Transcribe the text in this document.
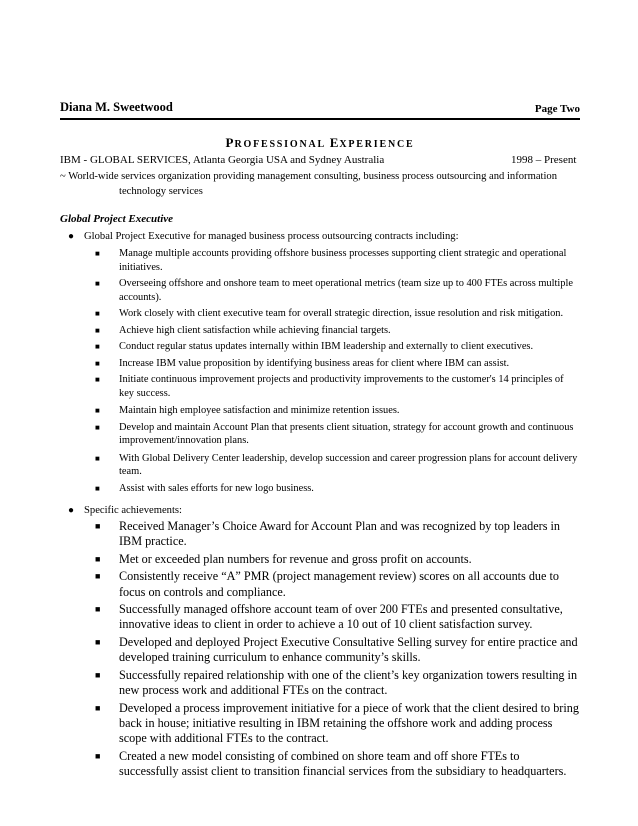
Diana M. Sweetwood	Page Two
PROFESSIONAL EXPERIENCE
IBM - GLOBAL SERVICES, Atlanta Georgia USA and Sydney Australia	1998 – Present
~ World-wide services organization providing management consulting, business process outsourcing and information
technology services
Global Project Executive
● Global Project Executive for managed business process outsourcing contracts including:
■ Manage multiple accounts providing offshore business processes supporting client strategic and operational initiatives.
■ Overseeing offshore and onshore team to meet operational metrics (team size up to 400 FTEs across multiple accounts).
■ Work closely with client executive team for overall strategic direction, issue resolution and risk mitigation.
■ Achieve high client satisfaction while achieving financial targets.
■ Conduct regular status updates internally within IBM leadership and externally to client executives.
■ Increase IBM value proposition by identifying business areas for client where IBM can assist.
■ Initiate continuous improvement projects and productivity improvements to the customer's 14 principles of key success.
■ Maintain high employee satisfaction and minimize retention issues.
■ Develop and maintain Account Plan that presents client situation, strategy for account growth and continuous improvement/innovation plans.
■ With Global Delivery Center leadership, develop succession and career progression plans for account delivery team.
■ Assist with sales efforts for new logo business.
● Specific achievements:
■ Received Manager’s Choice Award for Account Plan and was recognized by top leaders in IBM practice.
■ Met or exceeded plan numbers for revenue and gross profit on accounts.
■ Consistently receive “A” PMR (project management review) scores on all accounts due to focus on controls and compliance.
■ Successfully managed offshore account team of over 200 FTEs and presented consultative, innovative ideas to client in order to achieve a 10 out of 10 client satisfaction survey.
■ Developed and deployed Project Executive Consultative Selling survey for entire practice and developed training curriculum to enhance community’s skills.
■ Successfully repaired relationship with one of the client’s key organization towers resulting in new process work and additional FTEs on the contract.
■ Developed a process improvement initiative for a piece of work that the client desired to bring back in house; initiative resulting in IBM retaining the offshore work and adding process scope with additional FTEs to the contract.
■ Created a new model consisting of combined on shore team and off shore FTEs to successfully assist client to transition financial services from the subsidiary to headquarters.
